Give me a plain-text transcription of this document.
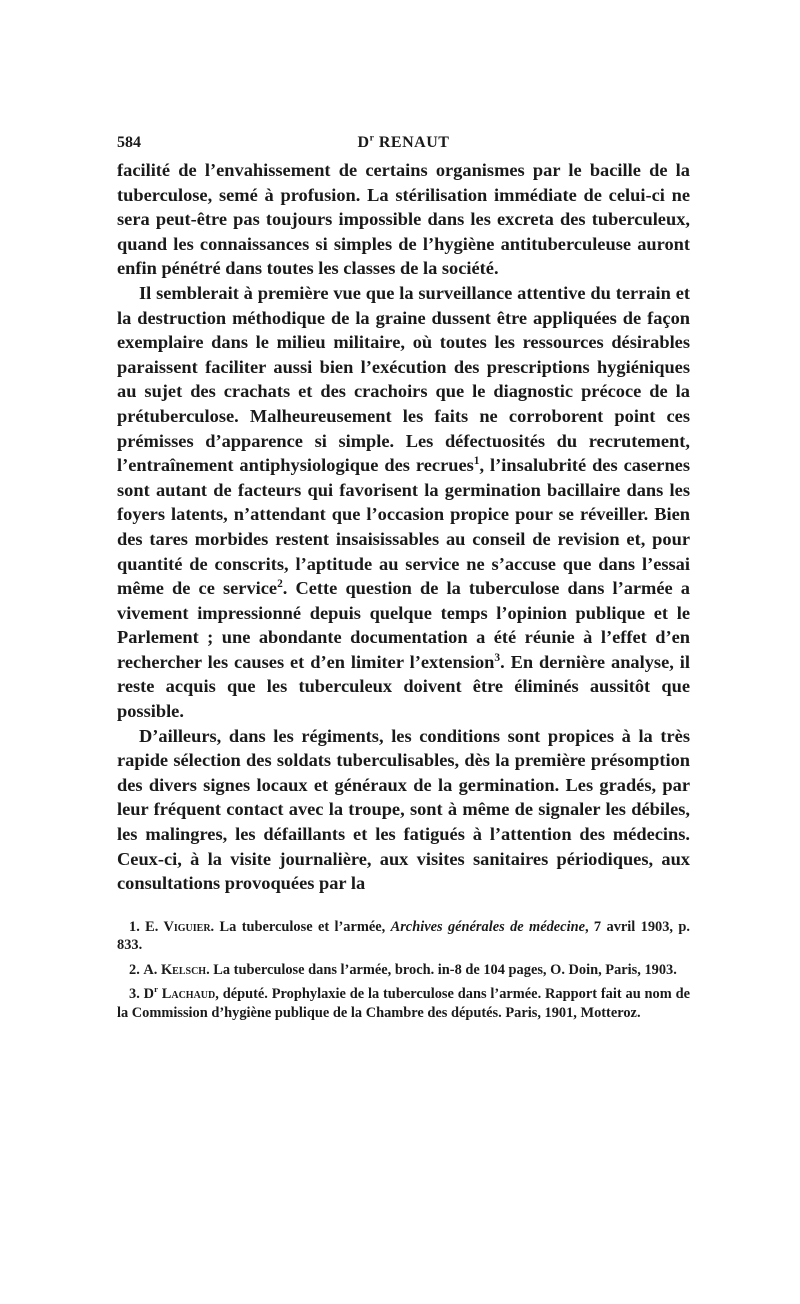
584	$D^r$ RENAUT

facilité de l’envahissement de certains organismes par le bacille de la tuberculose, semé à profusion. La stérilisation immédiate de celui-ci ne sera peut-être pas toujours impossible dans les excreta des tuberculeux, quand les connaissances si simples de l’hygiène antituberculeuse auront enfin pénétré dans toutes les classes de la société.

Il semblerait à première vue que la surveillance attentive du terrain et la destruction méthodique de la graine dussent être appliquées de façon exemplaire dans le milieu militaire, où toutes les ressources désirables paraissent faciliter aussi bien l’exécution des prescriptions hygiéniques au sujet des crachats et des crachoirs que le diagnostic précoce de la prétuberculose. Malheureusement les faits ne corroborent point ces prémisses d’apparence si simple. Les défectuosités du recrutement, l’entraînement antiphysiologique des recrues$^1$, l’insalubrité des casernes sont autant de facteurs qui favorisent la germination bacillaire dans les foyers latents, n’attendant que l’occasion propice pour se réveiller. Bien des tares morbides restent insaisissables au conseil de revision et, pour quantité de conscrits, l’aptitude au service ne s’accuse que dans l’essai même de ce service$^2$. Cette question de la tuberculose dans l’armée a vivement impressionné depuis quelque temps l’opinion publique et le Parlement ; une abondante documentation a été réunie à l’effet d’en rechercher les causes et d’en limiter l’extension$^3$. En dernière analyse, il reste acquis que les tuberculeux doivent être éliminés aussitôt que possible.

D’ailleurs, dans les régiments, les conditions sont propices à la très rapide sélection des soldats tuberculisables, dès la première présomption des divers signes locaux et généraux de la germination. Les gradés, par leur fréquent contact avec la troupe, sont à même de signaler les débiles, les malingres, les défaillants et les fatigués à l’attention des médecins. Ceux-ci, à la visite journalière, aux visites sanitaires périodiques, aux consultations provoquées par la

1. E. Viguier. La tuberculose et l’armée, Archives générales de médecine, 7 avril 1903, p. 833.

2. A. Kelsch. La tuberculose dans l’armée, broch. in-8 de 104 pages, O. Doin, Paris, 1903.

3. $D^r$ Lachaud, député. Prophylaxie de la tuberculose dans l’armée. Rapport fait au nom de la Commission d’hygiène publique de la Chambre des députés. Paris, 1901, Motteroz.
